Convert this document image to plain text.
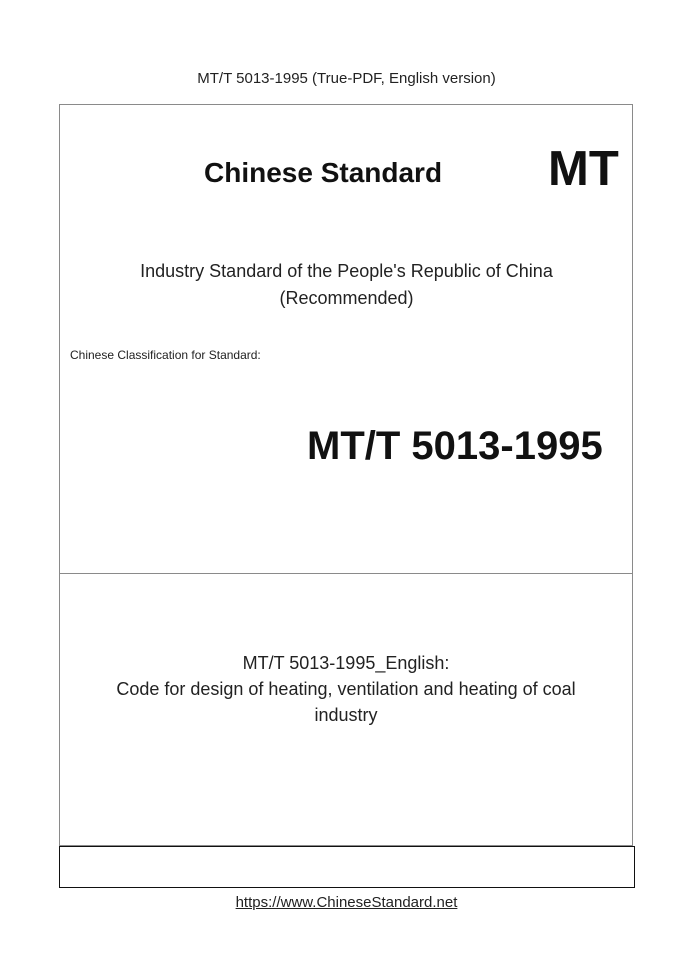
MT/T 5013-1995 (True-PDF, English version)
Chinese Standard MT
Industry Standard of the People's Republic of China
(Recommended)
Chinese Classification for Standard:
MT/T 5013-1995
MT/T 5013-1995_English:
Code for design of heating, ventilation and heating of coal
industry
https://www.ChineseStandard.net
